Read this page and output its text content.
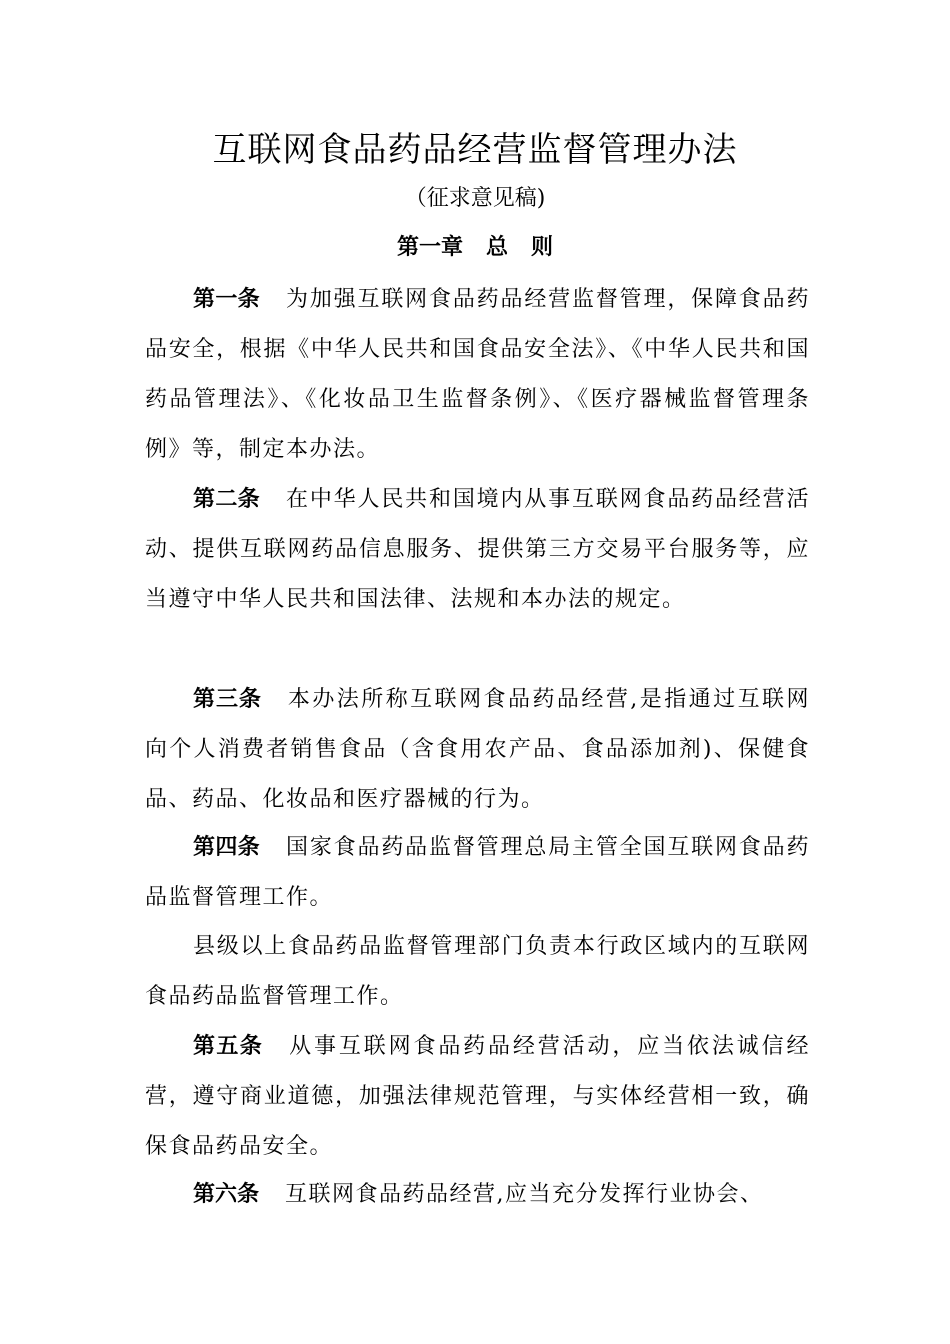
互联网食品药品经营监督管理办法
（征求意见稿)
第一章   总   则

第一条 为加强互联网食品药品经营监督管理，保障食品药品安全，根据《中华人民共和国食品安全法》、《中华人民共和国药品管理法》、《化妆品卫生监督条例》、《医疗器械监督管理条例》等，制定本办法。

第二条 在中华人民共和国境内从事互联网食品药品经营活动、提供互联网药品信息服务、提供第三方交易平台服务等，应当遵守中华人民共和国法律、法规和本办法的规定。

第三条 本办法所称互联网食品药品经营,是指通过互联网向个人消费者销售食品（含食用农产品、食品添加剂)、保健食品、药品、化妆品和医疗器械的行为。

第四条 国家食品药品监督管理总局主管全国互联网食品药品监督管理工作。

县级以上食品药品监督管理部门负责本行政区域内的互联网食品药品监督管理工作。

第五条 从事互联网食品药品经营活动，应当依法诚信经营，遵守商业道德，加强法律规范管理，与实体经营相一致，确保食品药品安全。

第六条 互联网食品药品经营,应当充分发挥行业协会、
